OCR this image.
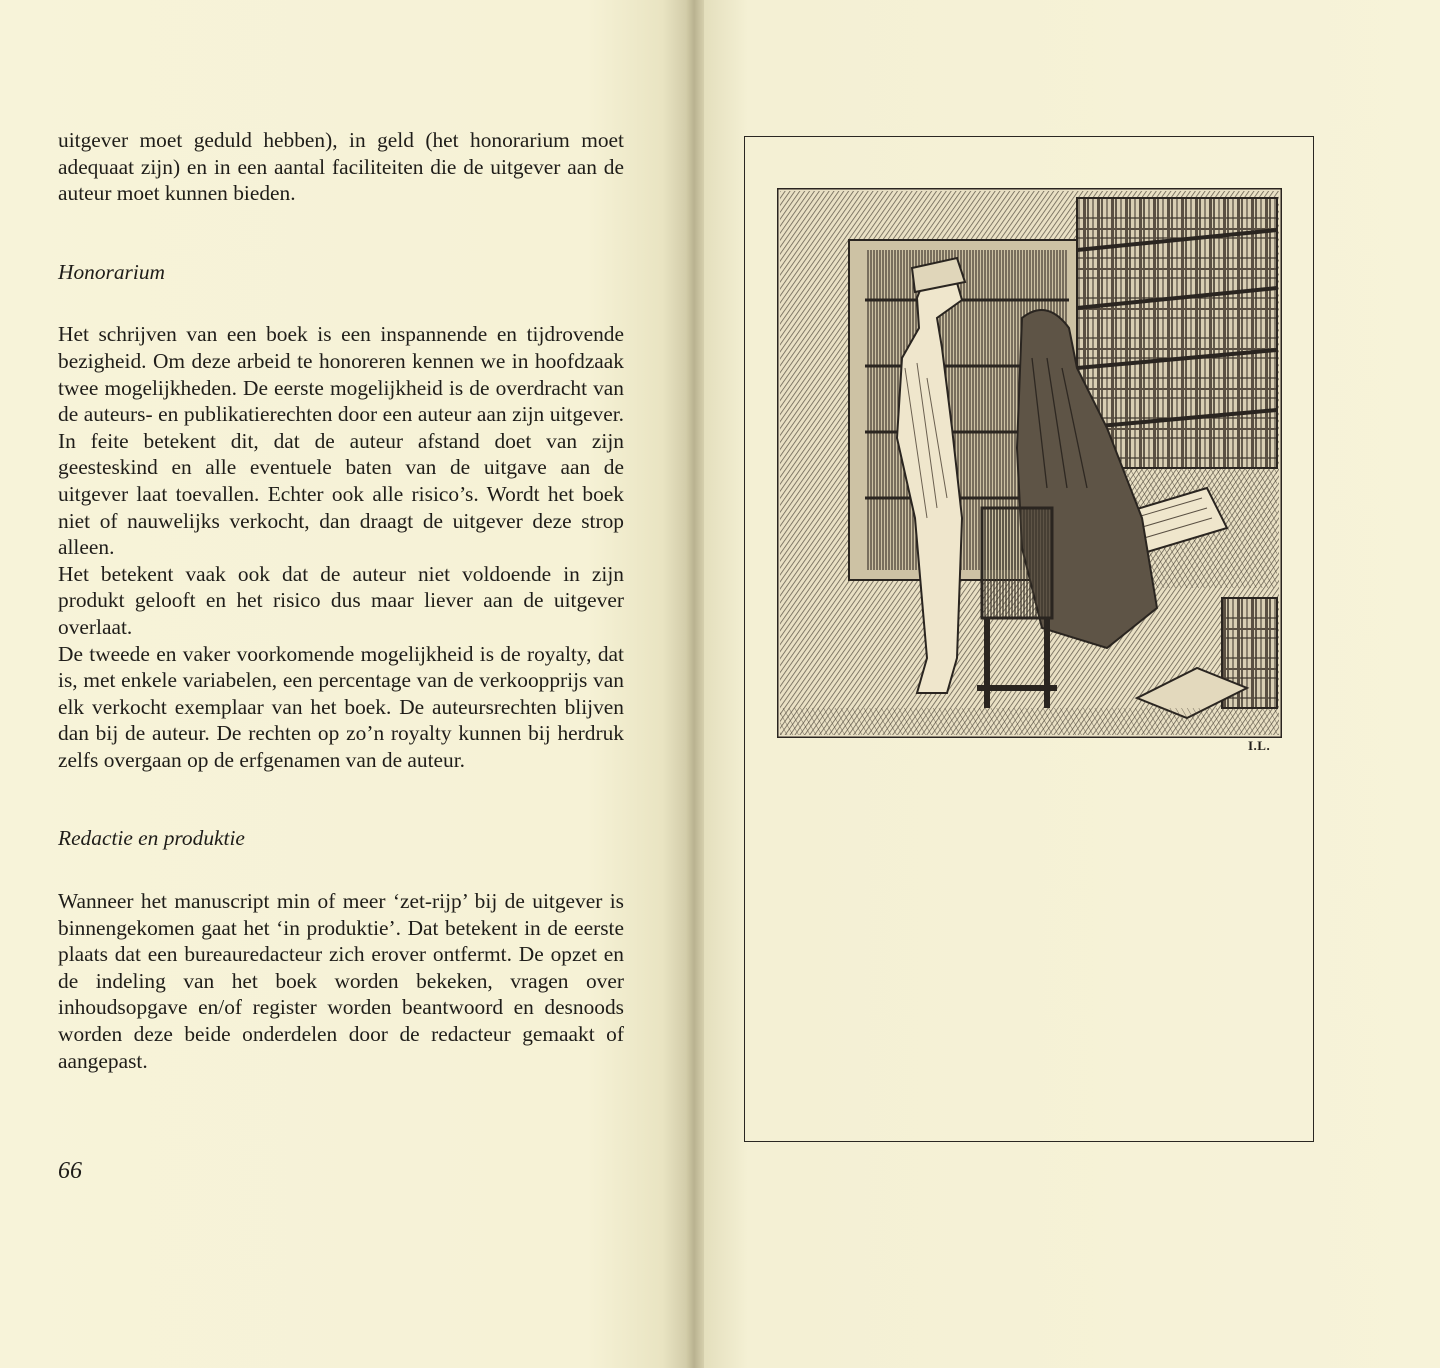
uitgever moet geduld hebben), in geld (het honorarium moet adequaat zijn) en in een aantal faciliteiten die de uitgever aan de auteur moet kunnen bieden.

Honorarium

Het schrijven van een boek is een inspannende en tijdrovende bezigheid. Om deze arbeid te honoreren kennen we in hoofdzaak twee mogelijkheden. De eerste mogelijkheid is de overdracht van de auteurs- en publikatierechten door een auteur aan zijn uitgever. In feite betekent dit, dat de auteur afstand doet van zijn geesteskind en alle eventuele baten van de uitgave aan de uitgever laat toevallen. Echter ook alle risico’s. Wordt het boek niet of nauwelijks verkocht, dan draagt de uitgever deze strop alleen.

Het betekent vaak ook dat de auteur niet voldoende in zijn produkt gelooft en het risico dus maar liever aan de uitgever overlaat.

De tweede en vaker voorkomende mogelijkheid is de royalty, dat is, met enkele variabelen, een percentage van de verkoopprijs van elk verkocht exemplaar van het boek. De auteursrechten blijven dan bij de auteur. De rechten op zo’n royalty kunnen bij herdruk zelfs overgaan op de erfgenamen van de auteur.

Redactie en produktie

Wanneer het manuscript min of meer ‘zet-rijp’ bij de uitgever is binnengekomen gaat het ‘in produktie’. Dat betekent in de eerste plaats dat een bureauredacteur zich erover ontfermt. De opzet en de indeling van het boek worden bekeken, vragen over inhoudsopgave en/of register worden beantwoord en desnoods worden deze beide onderdelen door de redacteur gemaakt of aangepast.

66
I.L.
